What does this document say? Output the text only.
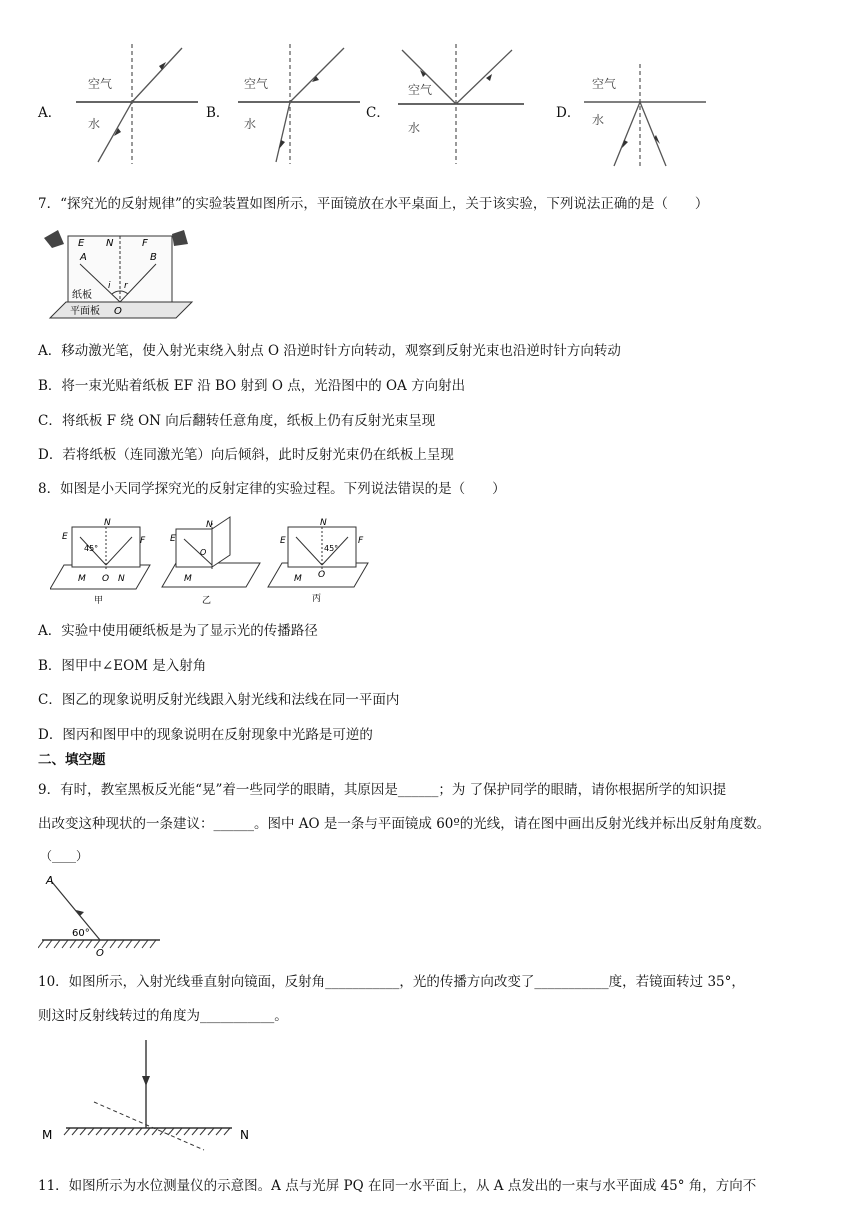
A．
空气
水
B．
空气
水
C．
空气
水
D．
空气
水
7．“探究光的反射规律”的实验装置如图所示，平面镜放在水平桌面上，关于该实验，下列说法正确的是（　　）
E N	F
A	B
i r
O
纸板
平面板
A．移动激光笔，使入射光束绕入射点 O 沿逆时针方向转动，观察到反射光束也沿逆时针方向转动
B．将一束光贴着纸板 EF 沿 BO 射到 O 点，光沿图中的 OA 方向射出
C．将纸板 F 绕 ON 向后翻转任意角度，纸板上仍有反射光束呈现
D．若将纸板（连同激光笔）向后倾斜，此时反射光束仍在纸板上呈现
8．如图是小天同学探究光的反射定律的实验过程。下列说法错误的是（　　）
E
N
F
45°
M O N
甲
E
N
O
M
乙
E
N
F
45°
M O
丙
A．实验中使用硬纸板是为了显示光的传播路径
B．图甲中∠EOM 是入射角
C．图乙的现象说明反射光线跟入射光线和法线在同一平面内
D．图丙和图甲中的现象说明在反射现象中光路是可逆的
二、填空题
9．有时，教室黑板反光能“晃”着一些同学的眼睛，其原因是______；为 了保护同学的眼睛，请你根据所学的知识提
出改变这种现状的一条建议：______。图中 AO 是一条与平面镜成 60º的光线，请在图中画出反射光线并标出反射角度数。
（____）
A
60°
O
10．如图所示，入射光线垂直射向镜面，反射角___________，光的传播方向改变了___________度，若镜面转过 35°，
则这时反射线转过的角度为___________。
M	N
11．如图所示为水位测量仪的示意图。A 点与光屏 PQ 在同一水平面上，从 A 点发出的一束与水平面成 45° 角，方向不
